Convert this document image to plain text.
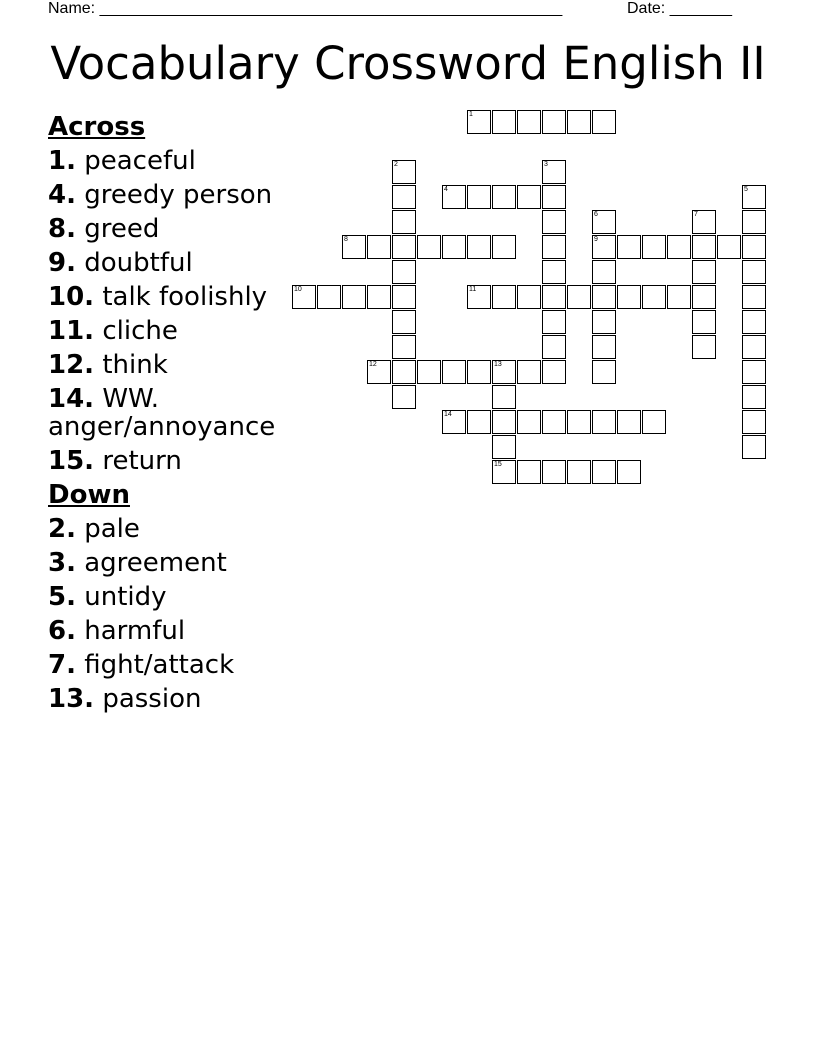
Name: ____________________________________________________	Date: _______
Vocabulary Crossword English II
Across
1. peaceful
4. greedy person
8. greed
9. doubtful
10. talk foolishly
11. cliche
12. think
14. WW. anger/annoyance
15. return
Down
2. pale
3. agreement
5. untidy
6. harmful
7. fight/attack
13. passion
1
2	3
4	5
6
9
7
8
10	11
12	13
15
14
